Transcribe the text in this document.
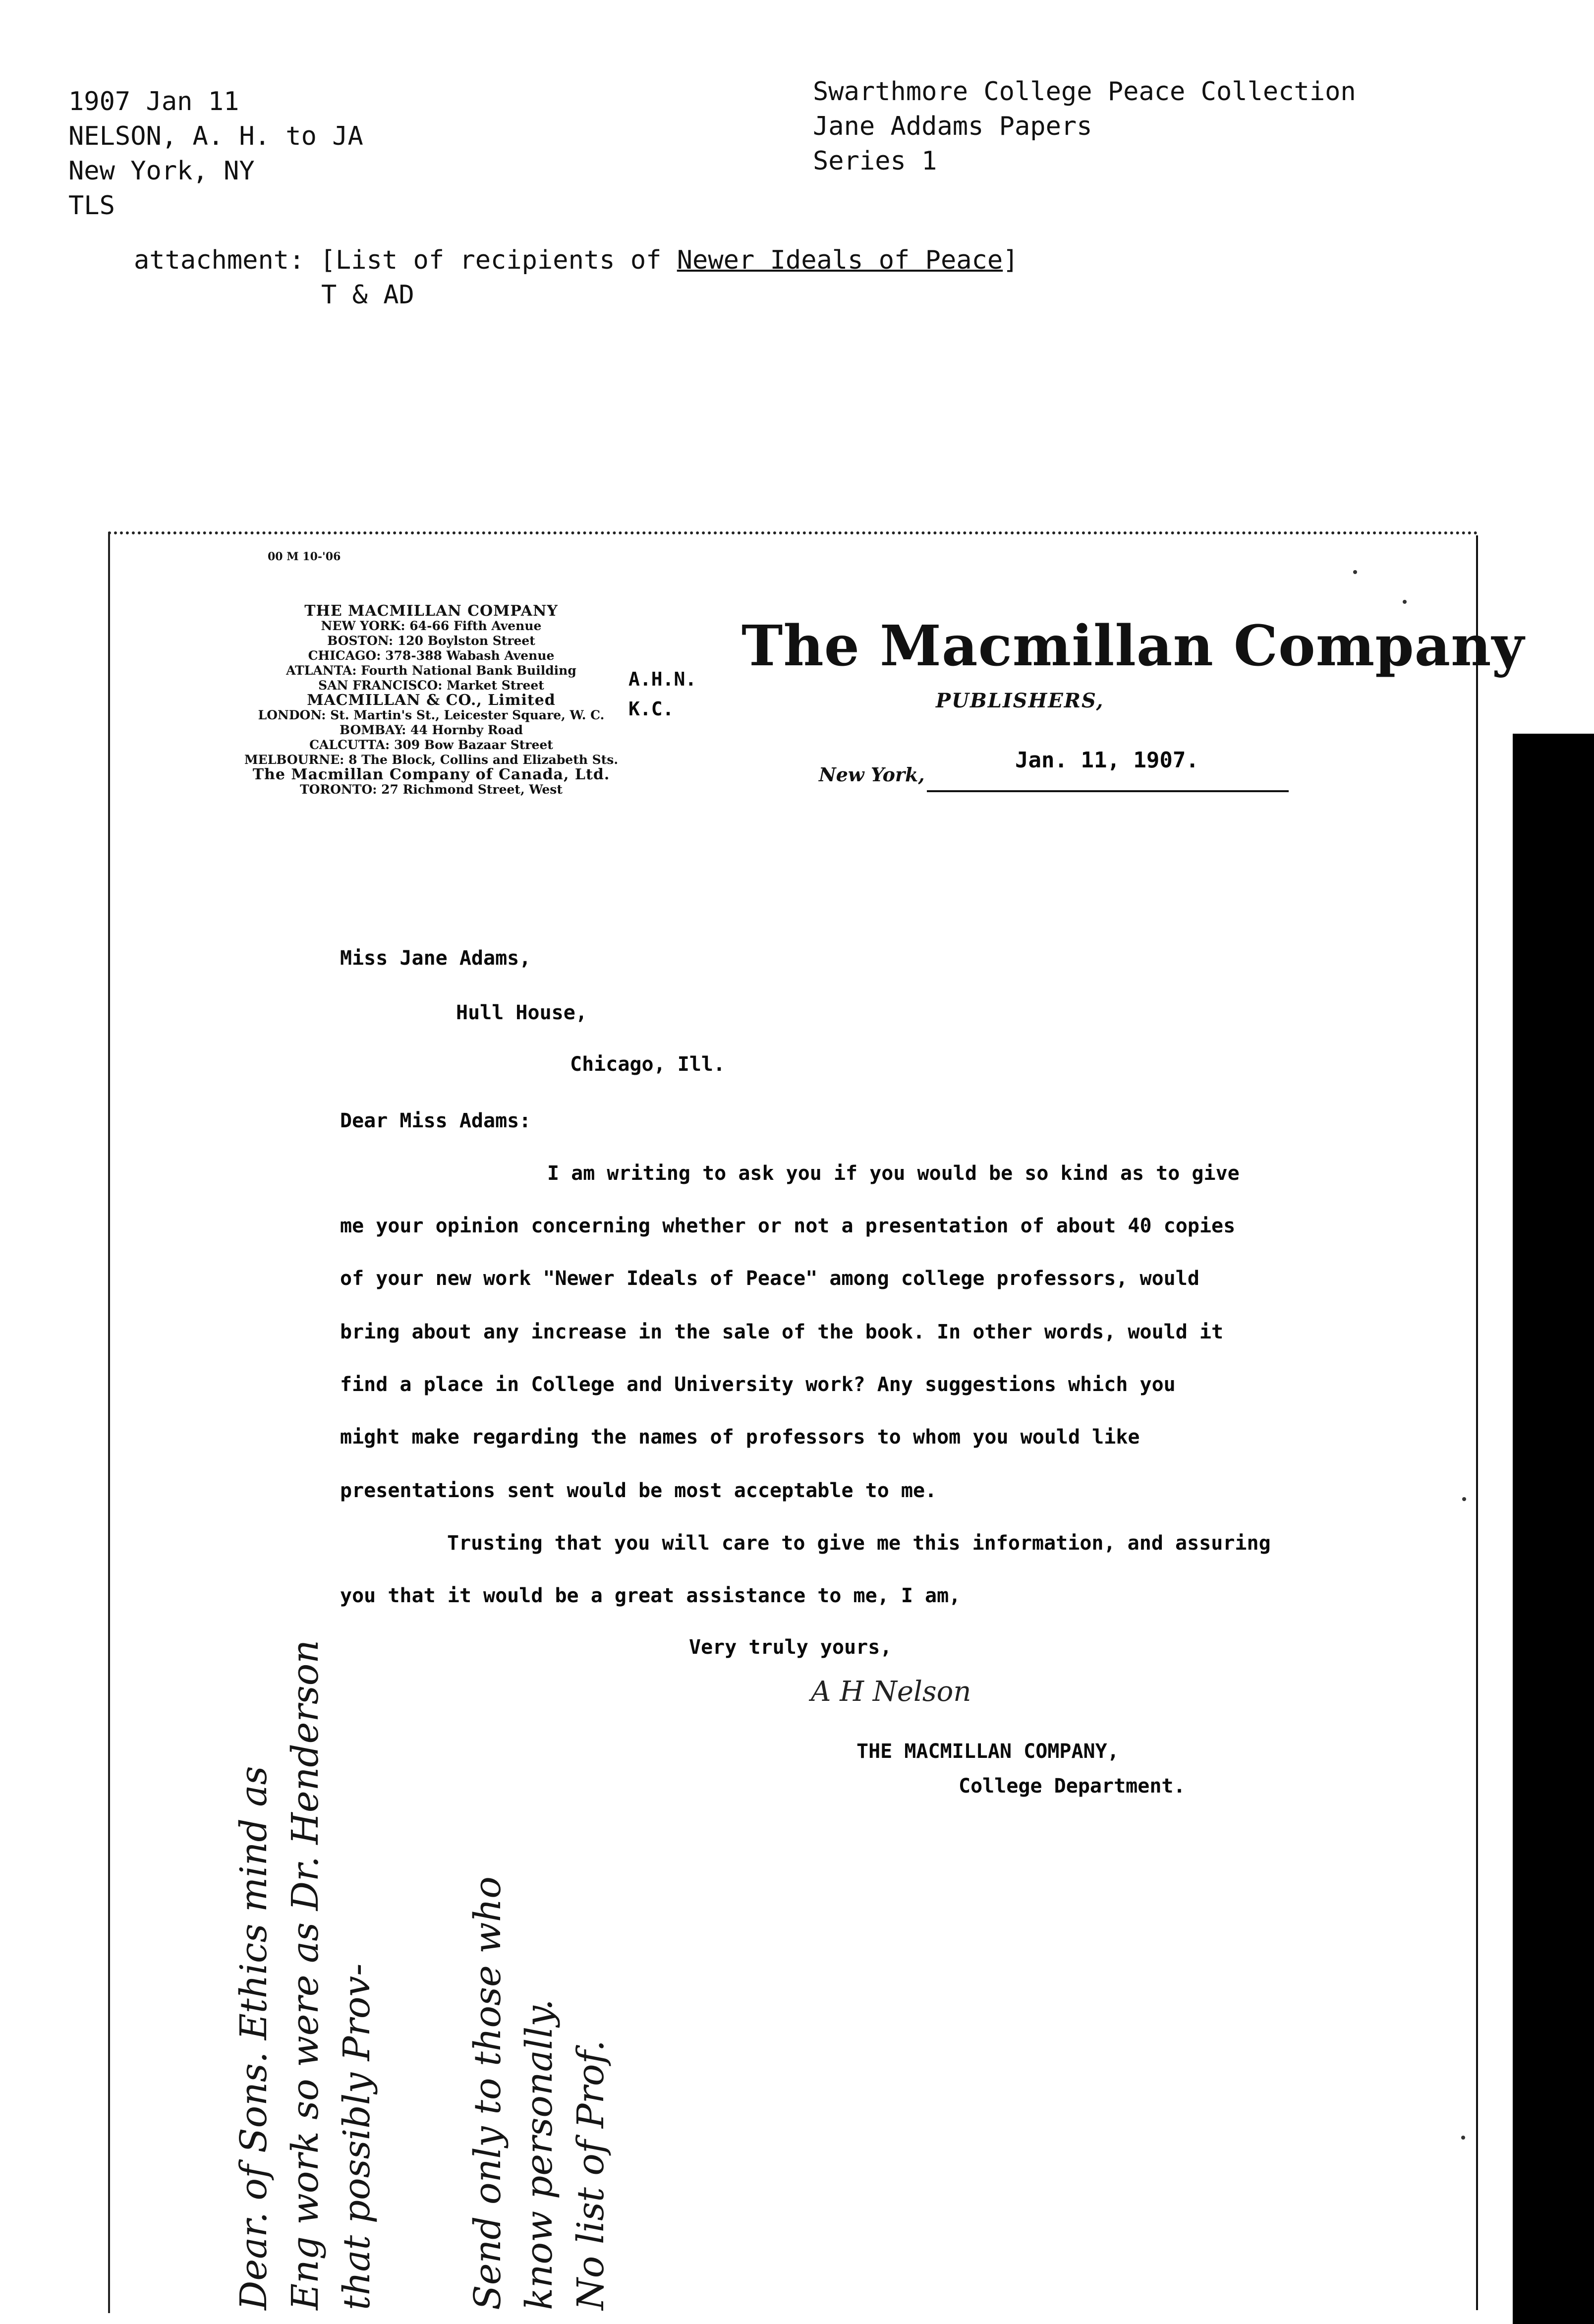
1907 Jan 11
NELSON, A. H. to JA
New York, NY
TLS
Swarthmore College Peace Collection
Jane Addams Papers
Series 1
attachment: [List of recipients of Newer Ideals of Peace]
T & AD
00 M 10-'06
THE MACMILLAN COMPANY
NEW YORK: 64-66 Fifth Avenue
BOSTON: 120 Boylston Street
CHICAGO: 378-388 Wabash Avenue
ATLANTA: Fourth National Bank Building
SAN FRANCISCO: Market Street
MACMILLAN & CO., Limited
LONDON: St. Martin's St., Leicester Square, W. C.
BOMBAY: 44 Hornby Road
CALCUTTA: 309 Bow Bazaar Street
MELBOURNE: 8 The Block, Collins and Elizabeth Sts.
The Macmillan Company of Canada, Ltd.
TORONTO: 27 Richmond Street, West
A.H.N.
K.C.
The Macmillan Company
PUBLISHERS,
New York,
Jan. 11, 1907.
Miss Jane Adams,
Hull House,
Chicago, Ill.
Dear Miss Adams:
I am writing to ask you if you would be so kind as to give
me your opinion concerning whether or not a presentation of about 40 copies
of your new work "Newer Ideals of Peace" among college professors, would
bring about any increase in the sale of the book. In other words, would it
find a place in College and University work? Any suggestions which you
might make regarding the names of professors to whom you would like
presentations sent would be most acceptable to me.
Trusting that you will care to give me this information, and assuring
you that it would be a great assistance to me, I am,
Very truly yours,
A H Nelson
THE MACMILLAN COMPANY,
College Department.
Dear. of Sons. Ethics mind as Eng work so were as Dr. Henderson that possibly Prov- Send only to those who know personally. No list of Prof.
